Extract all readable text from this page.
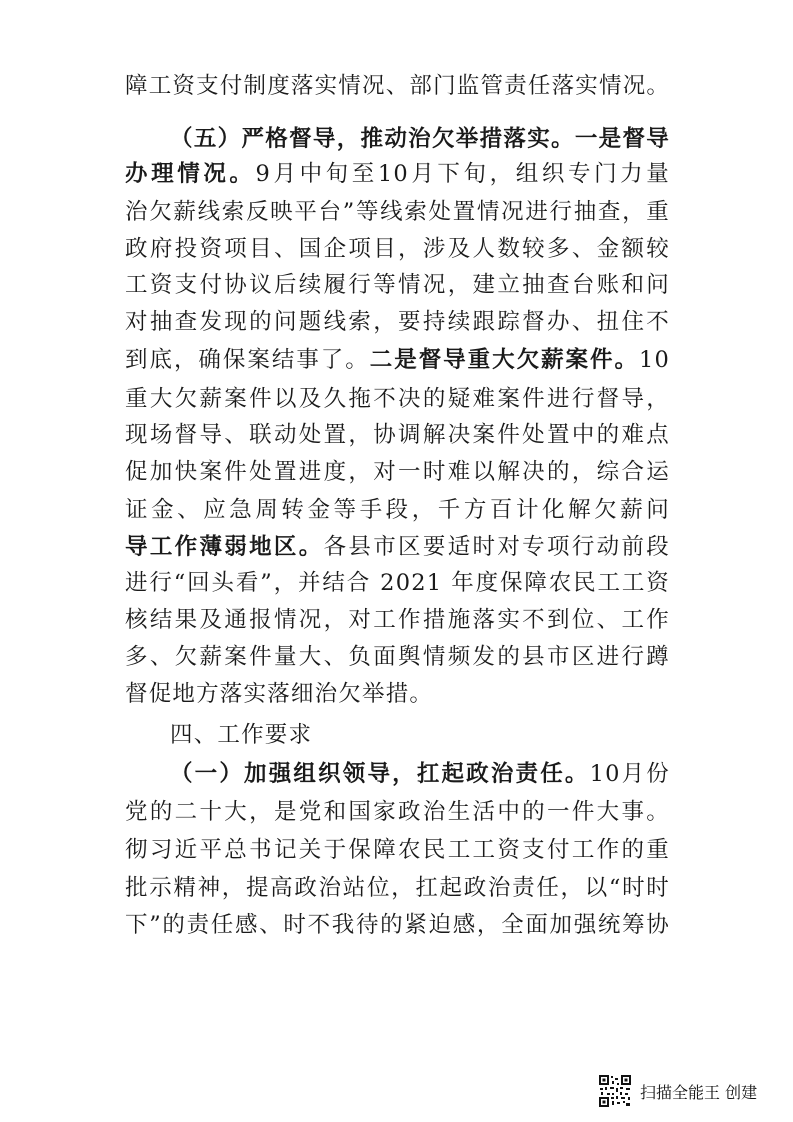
障工资支付制度落实情况、部门监管责任落实情况。
（五）严格督导，推动治欠举措落实。一是督导
办理情况。9月中旬至10月下旬，组织专门力量
治欠薪线索反映平台”等线索处置情况进行抽查，重
政府投资项目、国企项目，涉及人数较多、金额较
工资支付协议后续履行等情况，建立抽查台账和问
对抽查发现的问题线索，要持续跟踪督办、扭住不
到底，确保案结事了。二是督导重大欠薪案件。10
重大欠薪案件以及久拖不决的疑难案件进行督导，
现场督导、联动处置，协调解决案件处置中的难点
促加快案件处置进度，对一时难以解决的，综合运
证金、应急周转金等手段，千方百计化解欠薪问
导工作薄弱地区。各县市区要适时对专项行动前段
进行“回头看”，并结合 2021 年度保障农民工工资
核结果及通报情况，对工作措施落实不到位、工作
多、欠薪案件量大、负面舆情频发的县市区进行蹲
督促地方落实落细治欠举措。
四、工作要求
（一）加强组织领导，扛起政治责任。10月份
党的二十大，是党和国家政治生活中的一件大事。
彻习近平总书记关于保障农民工工资支付工作的重
批示精神，提高政治站位，扛起政治责任，以“时时
下”的责任感、时不我待的紧迫感，全面加强统筹协
扫描全能王 创建
